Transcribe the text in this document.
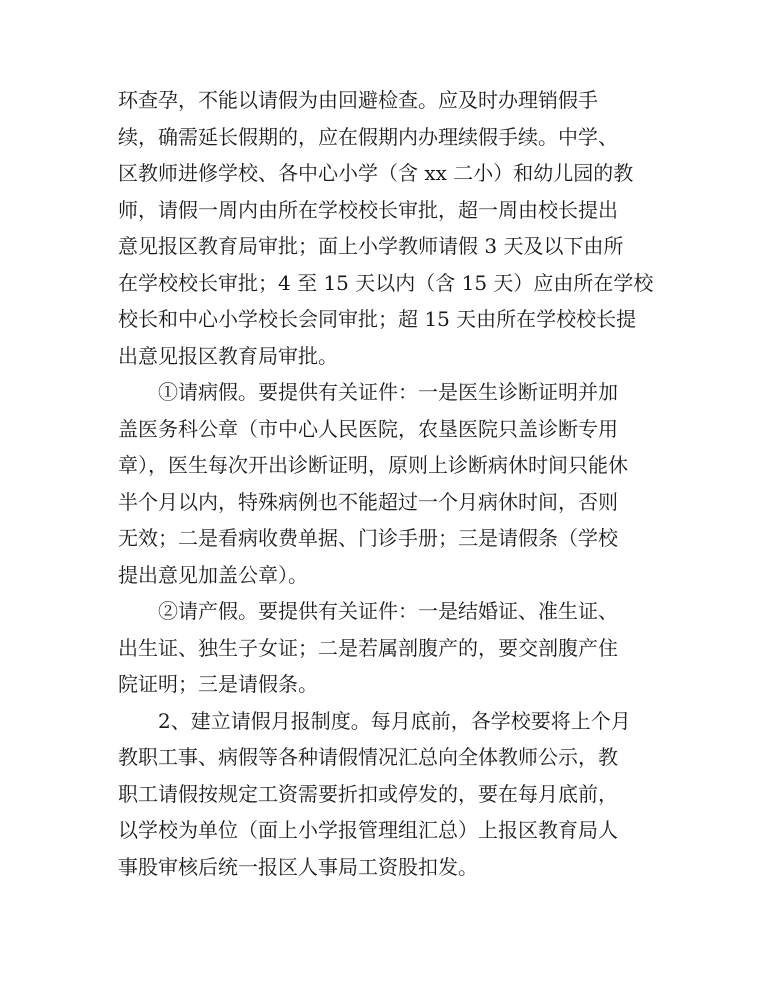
环查孕，不能以请假为由回避检查。应及时办理销假手
续，确需延长假期的，应在假期内办理续假手续。中学、
区教师进修学校、各中心小学（含 xx 二小）和幼儿园的教
师，请假一周内由所在学校校长审批，超一周由校长提出
意见报区教育局审批；面上小学教师请假 3 天及以下由所
在学校校长审批；4 至 15 天以内（含 15 天）应由所在学校
校长和中心小学校长会同审批；超 15 天由所在学校校长提
出意见报区教育局审批。
　　①请病假。要提供有关证件：一是医生诊断证明并加
盖医务科公章（市中心人民医院，农垦医院只盖诊断专用
章），医生每次开出诊断证明，原则上诊断病休时间只能休
半个月以内，特殊病例也不能超过一个月病休时间，否则
无效；二是看病收费单据、门诊手册；三是请假条（学校
提出意见加盖公章）。
　　②请产假。要提供有关证件：一是结婚证、准生证、
出生证、独生子女证；二是若属剖腹产的，要交剖腹产住
院证明；三是请假条。
　　2、建立请假月报制度。每月底前，各学校要将上个月
教职工事、病假等各种请假情况汇总向全体教师公示，教
职工请假按规定工资需要折扣或停发的，要在每月底前，
以学校为单位（面上小学报管理组汇总）上报区教育局人
事股审核后统一报区人事局工资股扣发。
